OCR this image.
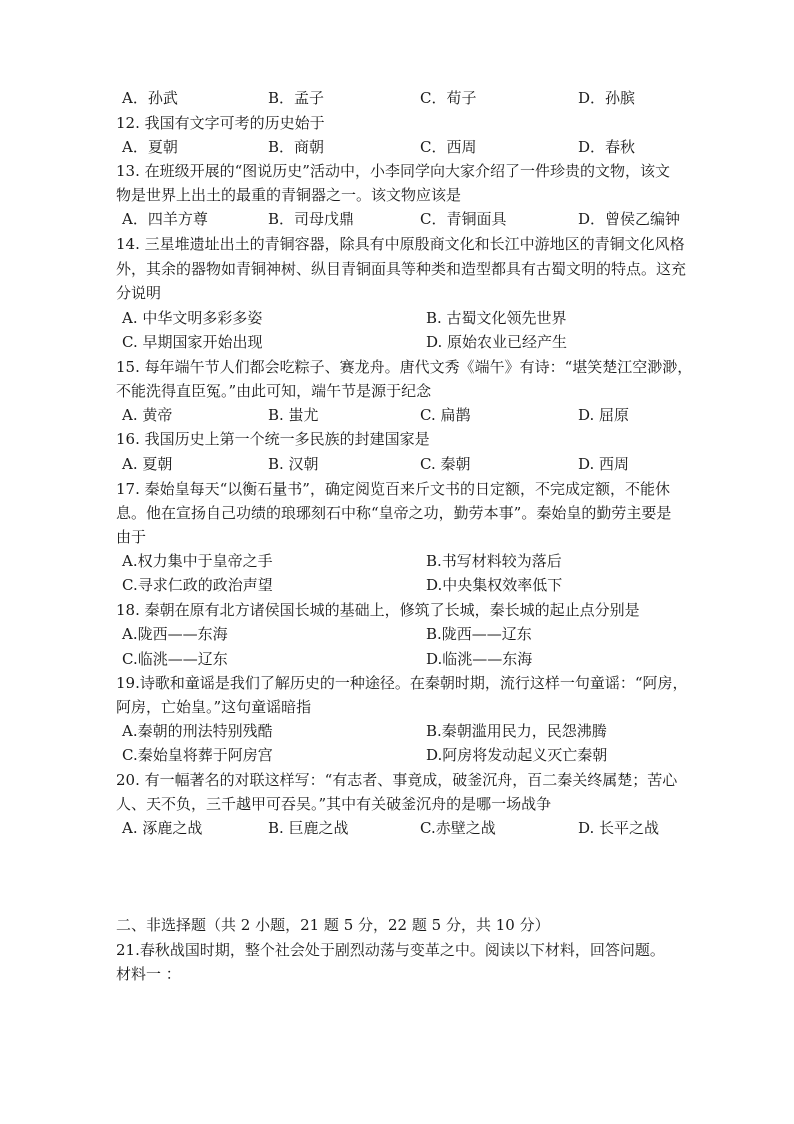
A．孙武	B．孟子	C．荀子	D．孙膑
12. 我国有文字可考的历史始于
A．夏朝	B．商朝	C．西周	D．春秋
13. 在班级开展的“图说历史”活动中，小李同学向大家介绍了一件珍贵的文物，该文
物是世界上出土的最重的青铜器之一。该文物应该是
A．四羊方尊	B．司母戊鼎	C．青铜面具	D．曾侯乙编钟
14. 三星堆遗址出土的青铜容器，除具有中原殷商文化和长江中游地区的青铜文化风格
外，其余的器物如青铜神树、纵目青铜面具等种类和造型都具有古蜀文明的特点。这充
分说明
A. 中华文明多彩多姿	B. 古蜀文化领先世界
C. 早期国家开始出现	D. 原始农业已经产生
15. 每年端午节人们都会吃粽子、赛龙舟。唐代文秀《端午》有诗：“堪笑楚江空渺渺，
不能洗得直臣冤。”由此可知，端午节是源于纪念
A. 黄帝	B. 蚩尤	C. 扁鹊	D. 屈原
16. 我国历史上第一个统一多民族的封建国家是
A. 夏朝	B. 汉朝	C. 秦朝	D. 西周
17. 秦始皇每天“以衡石量书”，确定阅览百来斤文书的日定额，不完成定额，不能休
息。他在宣扬自己功绩的琅琊刻石中称“皇帝之功，勤劳本事”。秦始皇的勤劳主要是
由于
A.权力集中于皇帝之手	B.书写材料较为落后
C.寻求仁政的政治声望	D.中央集权效率低下
18. 秦朝在原有北方诸侯国长城的基础上，修筑了长城，秦长城的起止点分别是
A.陇西——东海	B.陇西——辽东
C.临洮——辽东	D.临洮——东海
19.诗歌和童谣是我们了解历史的一种途径。在秦朝时期，流行这样一句童谣：“阿房，
阿房，亡始皇。”这句童谣暗指
A.秦朝的刑法特别残酷	B.秦朝滥用民力，民怨沸腾
C.秦始皇将葬于阿房宫	D.阿房将发动起义灭亡秦朝
20. 有一幅著名的对联这样写：“有志者、事竟成，破釜沉舟，百二秦关终属楚；苦心
人、天不负，三千越甲可吞吴。”其中有关破釜沉舟的是哪一场战争
A. 涿鹿之战	B. 巨鹿之战	C.赤壁之战	D. 长平之战
二、非选择题（共 2 小题，21 题 5 分，22 题 5 分，共 10 分）
21.春秋战国时期，整个社会处于剧烈动荡与变革之中。阅读以下材料，回答问题。
材料一 ：
